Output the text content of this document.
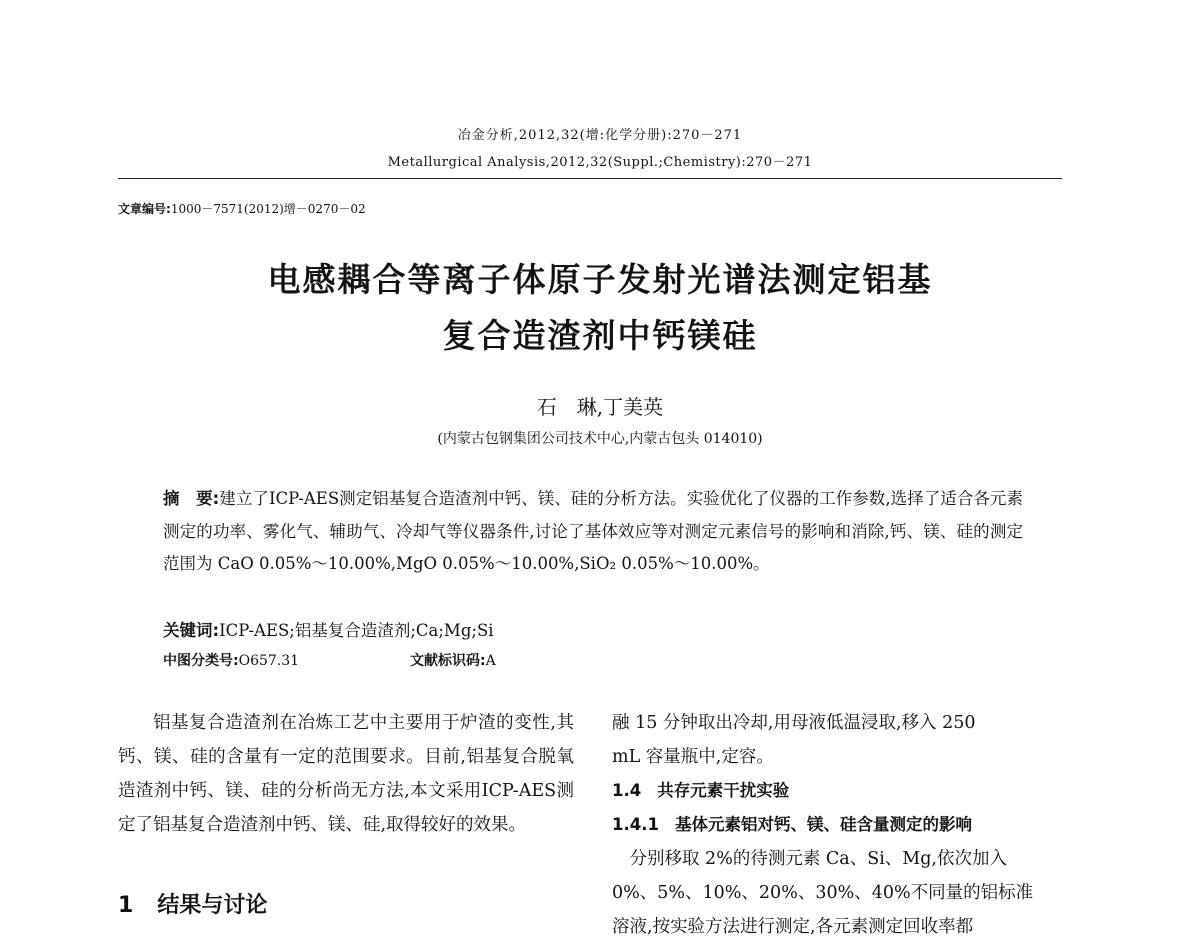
冶金分析,2012,32(增:化学分册):270－271
Metallurgical Analysis,2012,32(Suppl.;Chemistry):270－271
文章编号:1000－7571(2012)增－0270－02
电感耦合等离子体原子发射光谱法测定铝基
复合造渣剂中钙镁硅
石　琳,丁美英
(内蒙古包钢集团公司技术中心,内蒙古包头 014010)
摘　要:建立了ICP-AES测定铝基复合造渣剂中钙、镁、硅的分析方法。实验优化了仪器的工作参数,选择了适合各元素测定的功率、雾化气、辅助气、冷却气等仪器条件,讨论了基体效应等对测定元素信号的影响和消除,钙、镁、硅的测定范围为 CaO 0.05%～10.00%,MgO 0.05%～10.00%,SiO₂ 0.05%～10.00%。
关键词:ICP-AES;铝基复合造渣剂;Ca;Mg;Si
中图分类号:O657.31	文献标识码:A

铝基复合造渣剂在冶炼工艺中主要用于炉渣的变性,其钙、镁、硅的含量有一定的范围要求。目前,铝基复合脱氧造渣剂中钙、镁、硅的分析尚无方法,本文采用ICP-AES测定了铝基复合造渣剂中钙、镁、硅,取得较好的效果。

1 结果与讨论
融 15 分钟取出冷却,用母液低温浸取,移入 250
mL 容量瓶中,定容。
1.4 共存元素干扰实验
1.4.1 基体元素铝对钙、镁、硅含量测定的影响
　分别移取 2%的待测元素 Ca、Si、Mg,依次加入
0%、5%、10%、20%、30%、40%不同量的铝标准
溶液,按实验方法进行测定,各元素测定回收率都
